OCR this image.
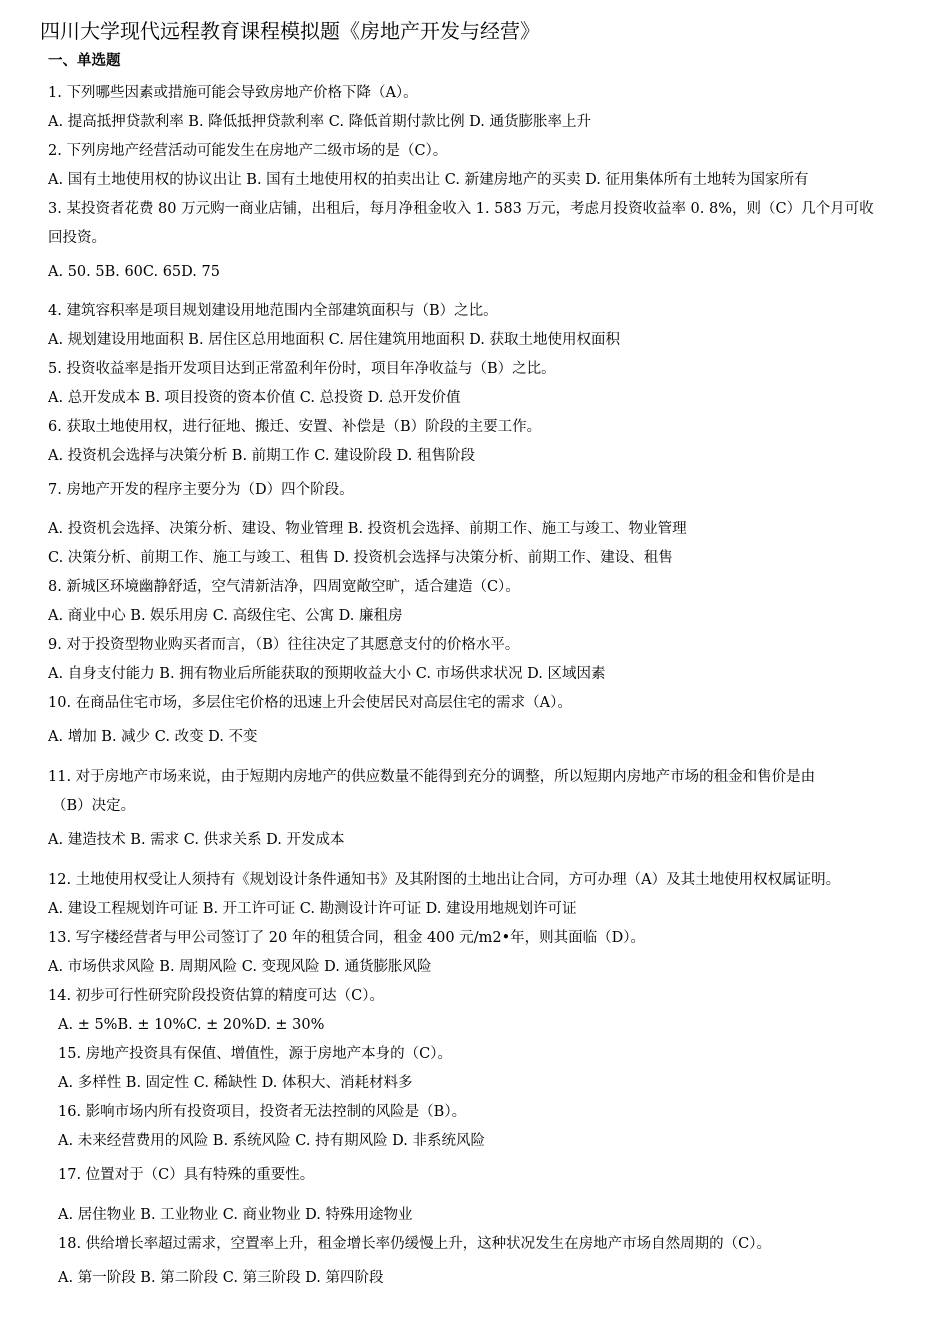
四川大学现代远程教育课程模拟题《房地产开发与经营》
一、单选题
1. 下列哪些因素或措施可能会导致房地产价格下降（A）。
A. 提高抵押贷款利率 B. 降低抵押贷款利率 C. 降低首期付款比例 D. 通货膨胀率上升
2. 下列房地产经营活动可能发生在房地产二级市场的是（C）。
A. 国有土地使用权的协议出让 B. 国有土地使用权的拍卖出让 C. 新建房地产的买卖 D. 征用集体所有土地转为国家所有
3. 某投资者花费 80 万元购一商业店铺，出租后，每月净租金收入 1. 583 万元，考虑月投资收益率 0. 8%，则（C）几个月可收
回投资。
A. 50. 5B. 60C. 65D. 75
4. 建筑容积率是项目规划建设用地范围内全部建筑面积与（B）之比。
A. 规划建设用地面积 B. 居住区总用地面积 C. 居住建筑用地面积 D. 获取土地使用权面积
5. 投资收益率是指开发项目达到正常盈利年份时，项目年净收益与（B）之比。
A. 总开发成本 B. 项目投资的资本价值 C. 总投资 D. 总开发价值
6. 获取土地使用权，进行征地、搬迁、安置、补偿是（B）阶段的主要工作。
A. 投资机会选择与决策分析 B. 前期工作 C. 建设阶段 D. 租售阶段
7. 房地产开发的程序主要分为（D）四个阶段。
A. 投资机会选择、决策分析、建设、物业管理 B. 投资机会选择、前期工作、施工与竣工、物业管理
C. 决策分析、前期工作、施工与竣工、租售 D. 投资机会选择与决策分析、前期工作、建设、租售
8. 新城区环境幽静舒适，空气清新洁净，四周宽敞空旷，适合建造（C）。
A. 商业中心 B. 娱乐用房 C. 高级住宅、公寓 D. 廉租房
9. 对于投资型物业购买者而言，（B）往往决定了其愿意支付的价格水平。
A. 自身支付能力 B. 拥有物业后所能获取的预期收益大小 C. 市场供求状况 D. 区域因素
10. 在商品住宅市场，多层住宅价格的迅速上升会使居民对高层住宅的需求（A）。
A. 增加 B. 减少 C. 改变 D. 不变
11. 对于房地产市场来说，由于短期内房地产的供应数量不能得到充分的调整，所以短期内房地产市场的租金和售价是由
（B）决定。
A. 建造技术 B. 需求 C. 供求关系 D. 开发成本
12. 土地使用权受让人须持有《规划设计条件通知书》及其附图的土地出让合同，方可办理（A）及其土地使用权权属证明。
A. 建设工程规划许可证 B. 开工许可证 C. 勘测设计许可证 D. 建设用地规划许可证
13. 写字楼经营者与甲公司签订了 20 年的租赁合同，租金 400 元/m2•年，则其面临（D）。
A. 市场供求风险 B. 周期风险 C. 变现风险 D. 通货膨胀风险
14. 初步可行性研究阶段投资估算的精度可达（C）。
A. ± 5%B. ± 10%C. ± 20%D. ± 30%
15. 房地产投资具有保值、增值性，源于房地产本身的（C）。
A. 多样性 B. 固定性 C. 稀缺性 D. 体积大、消耗材料多
16. 影响市场内所有投资项目，投资者无法控制的风险是（B）。
A. 未来经营费用的风险 B. 系统风险 C. 持有期风险 D. 非系统风险
17. 位置对于（C）具有特殊的重要性。
A. 居住物业 B. 工业物业 C. 商业物业 D. 特殊用途物业
18. 供给增长率超过需求，空置率上升，租金增长率仍缓慢上升，这种状况发生在房地产市场自然周期的（C）。
A. 第一阶段 B. 第二阶段 C. 第三阶段 D. 第四阶段
